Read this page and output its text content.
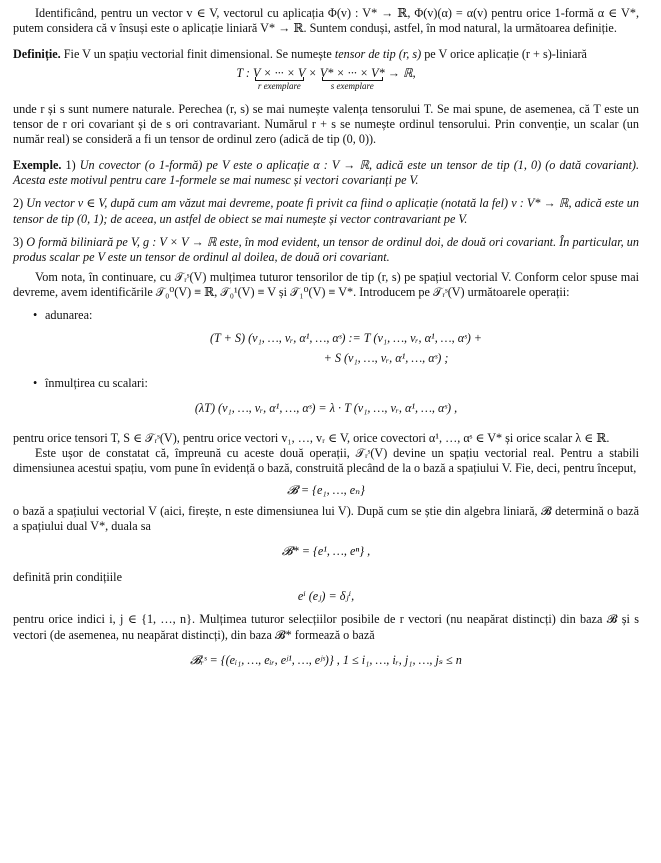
Identificând, pentru un vector v ∈ V, vectorul cu aplicația Φ(v) : V* → ℝ, Φ(v)(α) = α(v) pentru orice 1-formă α ∈ V*, putem considera că v însuși este o aplicație liniară V* → ℝ. Suntem conduși, astfel, în mod natural, la următoarea definiție.

Definiție. Fie V un spațiu vectorial finit dimensional. Se numește tensor de tip (r, s) pe V orice aplicație (r + s)-liniară

T : V × ··· × V
r exemplare
× V* × ··· × V*
s exemplare
→ ℝ,

unde r și s sunt numere naturale. Perechea (r, s) se mai numește valența tensorului T. Se mai spune, de asemenea, că T este un tensor de r ori covariant și de s ori contravariant. Numărul r + s se numește ordinul tensorului. Prin convenție, un scalar (un număr real) se consideră a fi un tensor de ordinul zero (adică de tip (0, 0)).

Exemple. 1) Un covector (o 1-formă) pe V este o aplicație α : V → ℝ, adică este un tensor de tip (1, 0) (o dată covariant). Acesta este motivul pentru care 1-formele se mai numesc și vectori covarianți pe V.

2) Un vector v ∈ V, după cum am văzut mai devreme, poate fi privit ca fiind o aplicație (notată la fel) v : V* → ℝ, adică este un tensor de tip (0, 1); de aceea, un astfel de obiect se mai numește și vector contravariant pe V.

3) O formă biliniară pe V, g : V × V → ℝ este, în mod evident, un tensor de ordinul doi, de două ori covariant. În particular, un produs scalar pe V este un tensor de ordinul al doilea, de două ori covariant.

Vom nota, în continuare, cu 𝒯ᵣˢ(V) mulțimea tuturor tensorilor de tip (r, s) pe spațiul vectorial V. Conform celor spuse mai devreme, avem identificările 𝒯₀⁰(V) ≡ ℝ, 𝒯₀¹(V) ≡ V și 𝒯₁⁰(V) ≡ V*. Introducem pe 𝒯ᵣˢ(V) următoarele operații:

• adunarea:

(T + S) (v₁, …, vᵣ, α¹, …, αˢ) := T (v₁, …, vᵣ, α¹, …, αˢ) +
+ S (v₁, …, vᵣ, α¹, …, αˢ) ;

• înmulțirea cu scalari:

(λT) (v₁, …, vᵣ, α¹, …, αˢ) = λ · T (v₁, …, vᵣ, α¹, …, αˢ) ,

pentru orice tensori T, S ∈ 𝒯ᵣˢ(V), pentru orice vectori v₁, …, vᵣ ∈ V, orice covectori α¹, …, αˢ ∈ V* și orice scalar λ ∈ ℝ.

Este ușor de constatat că, împreună cu aceste două operații, 𝒯ᵣˢ(V) devine un spațiu vectorial real. Pentru a stabili dimensiunea acestui spațiu, vom pune în evidență o bază, construită plecând de la o bază a spațiului V. Fie, deci, pentru început,

𝓑 = {e₁, …, eₙ}

o bază a spațiului vectorial V (aici, firește, n este dimensiunea lui V). După cum se știe din algebra liniară, 𝓑 determină o bază a spațiului dual V*, duala sa

𝓑* = {e¹, …, eⁿ} ,

definită prin condițiile

eⁱ (eⱼ) = δⱼⁱ,

pentru orice indici i, j ∈ {1, …, n}. Mulțimea tuturor selecțiilor posibile de r vectori (nu neapărat distincți) din baza 𝓑 și s vectori (de asemenea, nu neapărat distincți), din baza 𝓑* formează o bază

𝓑ᵣˢ = {(eᵢ₁, …, eᵢᵣ, eʲ¹, …, eʲˢ)} , 1 ≤ i₁, …, iᵣ, j₁, …, jₛ ≤ n
